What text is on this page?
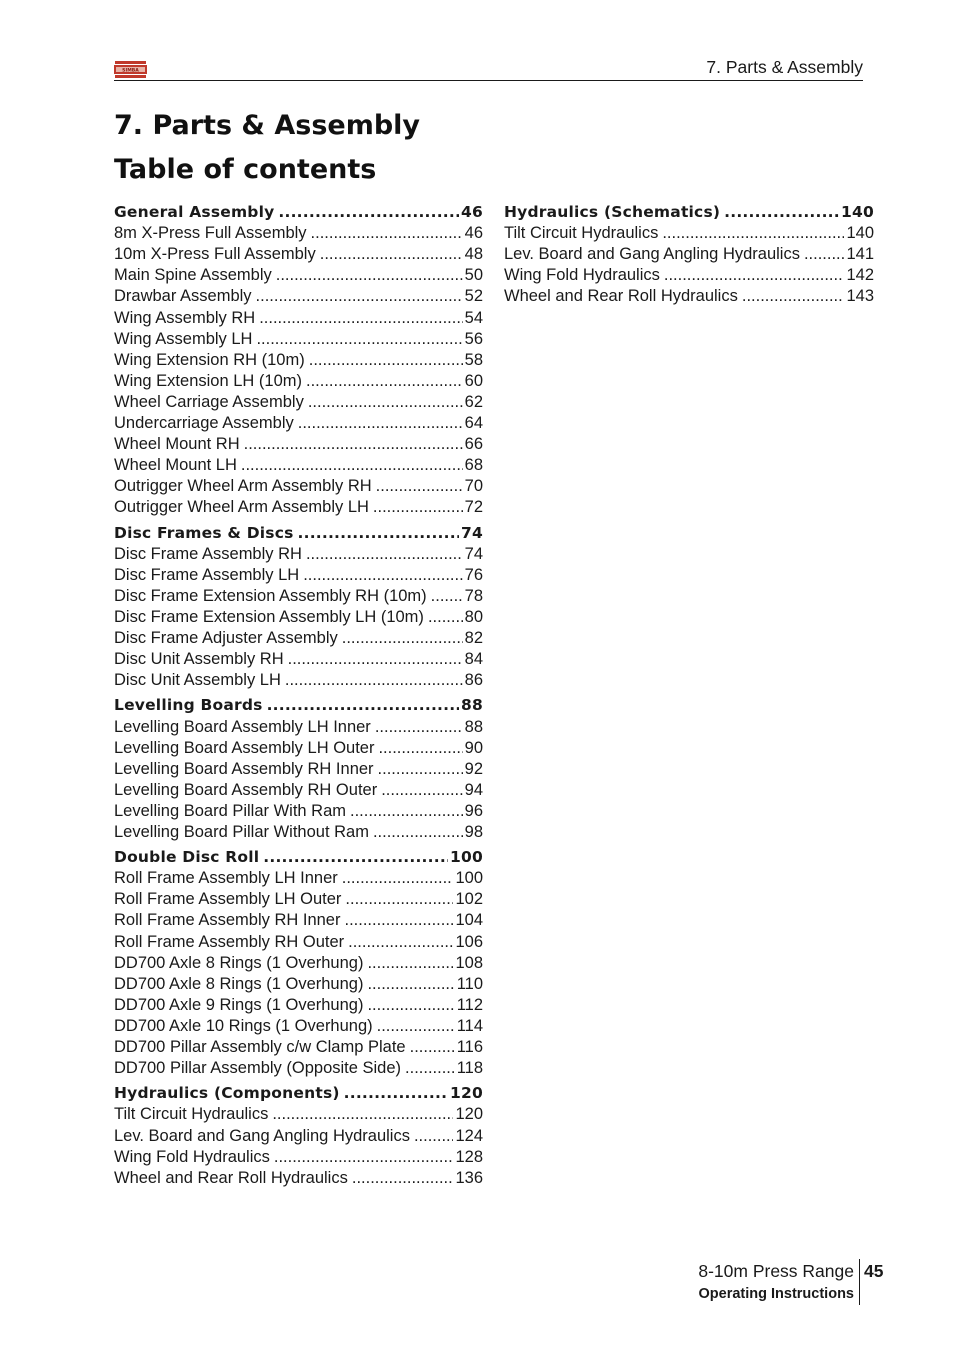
SIMBA	7. Parts & Assembly
7. Parts & Assembly
Table of contents
General Assembly .....	46
8m X-Press Full Assembly .....	46
10m X-Press Full Assembly .....	48
Main Spine Assembly .....	50
Drawbar Assembly .....	52
Wing Assembly RH .....	54
Wing Assembly LH .....	56
Wing Extension RH (10m) .....	58
Wing Extension LH (10m) .....	60
Wheel Carriage Assembly .....	62
Undercarriage Assembly .....	64
Wheel Mount RH .....	66
Wheel Mount LH .....	68
Outrigger Wheel Arm Assembly RH .....	70
Outrigger Wheel Arm Assembly LH .....	72
Disc Frames & Discs .....	74
Disc Frame Assembly RH .....	74
Disc Frame Assembly LH .....	76
Disc Frame Extension Assembly RH (10m) ..... 78
Disc Frame Extension Assembly LH (10m) ..... 80
Disc Frame Adjuster Assembly .....	82
Disc Unit Assembly RH .....	84
Disc Unit Assembly LH .....	86
Levelling Boards .....	88
Levelling Board Assembly LH Inner .....	88
Levelling Board Assembly LH Outer .....	90
Levelling Board Assembly RH Inner .....	92
Levelling Board Assembly RH Outer .....	94
Levelling Board Pillar With Ram .....	96
Levelling Board Pillar Without Ram .....	98
Double Disc Roll .....	100
Roll Frame Assembly LH Inner .....	100
Roll Frame Assembly LH Outer .....	102
Roll Frame Assembly RH Inner .....	104
Roll Frame Assembly RH Outer .....	106
DD700 Axle 8 Rings (1 Overhung) .....	108
DD700 Axle 8 Rings (1 Overhung) .....	110
DD700 Axle 9 Rings (1 Overhung) .....	112
DD700 Axle 10 Rings (1 Overhung) .....	114
DD700 Pillar Assembly c/w Clamp Plate .....	116
DD700 Pillar Assembly (Opposite Side) .....	118
Hydraulics (Components) .....	120
Tilt Circuit Hydraulics .....	120
Lev. Board and Gang Angling Hydraulics .....	124
Wing Fold Hydraulics .....	128
Wheel and Rear Roll Hydraulics .....	136
Hydraulics (Schematics) .....	140
Tilt Circuit Hydraulics .....	140
Lev. Board and Gang Angling Hydraulics .....	141
Wing Fold Hydraulics .....	142
Wheel and Rear Roll Hydraulics .....	143
8-10m Press Range
Operating Instructions
45
